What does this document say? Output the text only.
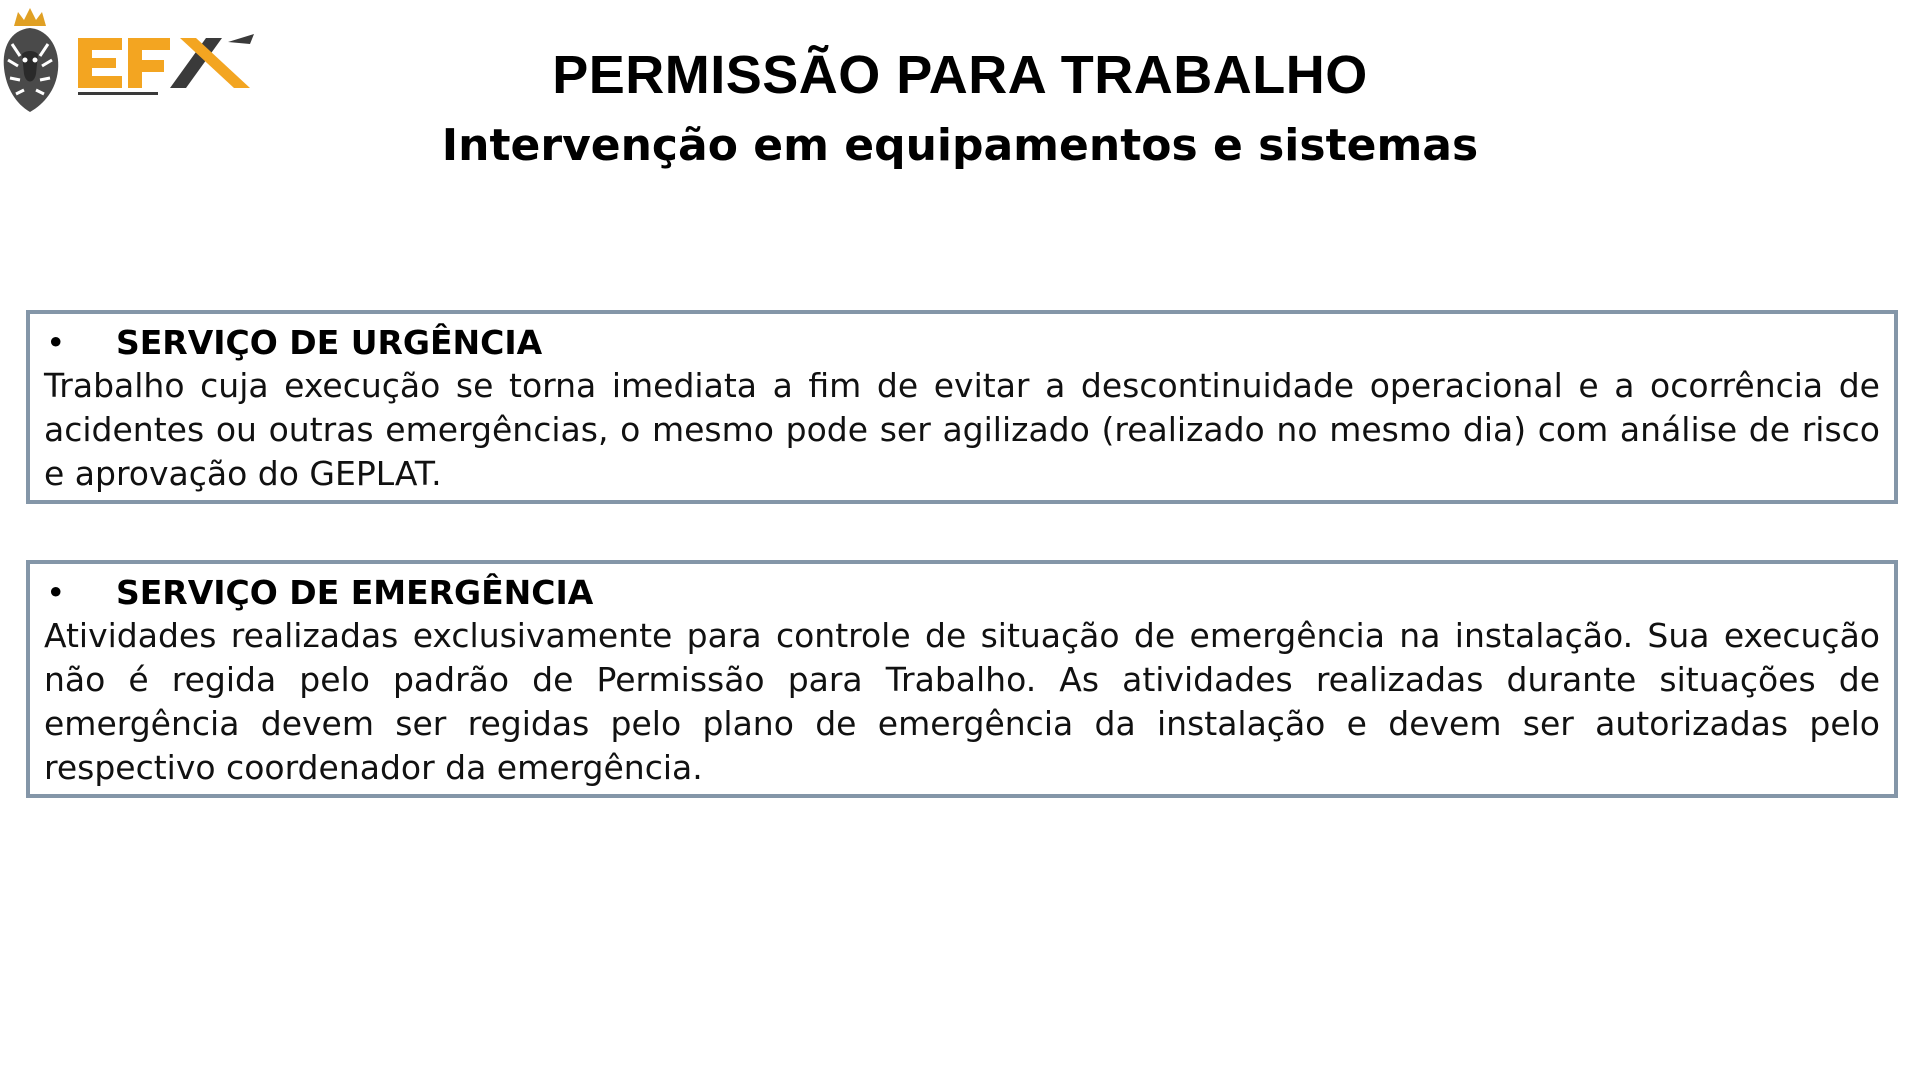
PERMISSÃO PARA TRABALHO
Intervenção em equipamentos e sistemas
•	SERVIÇO DE URGÊNCIA

Trabalho cuja execução se torna imediata a fim de evitar a descontinuidade operacional e a ocorrência de acidentes ou outras emergências, o mesmo pode ser agilizado (realizado no mesmo dia) com análise de risco e aprovação do GEPLAT.

•	SERVIÇO DE EMERGÊNCIA

Atividades realizadas exclusivamente para controle de situação de emergência na instalação. Sua execução não é regida pelo padrão de Permissão para Trabalho. As atividades realizadas durante situações de emergência devem ser regidas pelo plano de emergência da instalação e devem ser autorizadas pelo respectivo coordenador da emergência.
